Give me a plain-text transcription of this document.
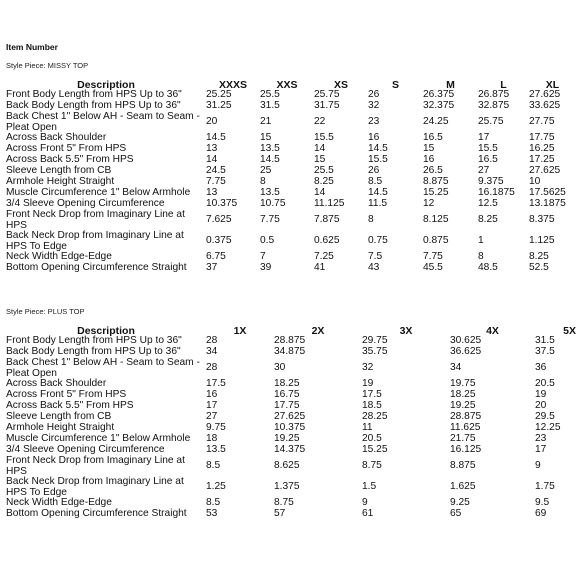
Item Number
Style Piece: MISSY TOP
Description	XXXS	XXS	XS	S	M	L	XL
Front Body Length from HPS Up to 36"	25.25	25.5	25.75	26	26.375	26.875	27.625
Back Body Length from HPS Up to 36"	31.25	31.5	31.75	32	32.375	32.875	33.625
Back Chest 1" Below AH - Seam to Seam - Pleat Open	20	21	22	23	24.25	25.75	27.75
Across Back Shoulder	14.5	15	15.5	16	16.5	17	17.75
Across Front 5" From HPS	13	13.5	14	14.5	15	15.5	16.25
Across Back 5.5" From HPS	14	14.5	15	15.5	16	16.5	17.25
Sleeve Length from CB	24.5	25	25.5	26	26.5	27	27.625
Armhole Height Straight	7.75	8	8.25	8.5	8.875	9.375	10
Muscle Circumference 1" Below Armhole	13	13.5	14	14.5	15.25	16.1875	17.5625
3/4 Sleeve Opening Circumference	10.375	10.75	11.125	11.5	12	12.5	13.1875
Front Neck Drop from Imaginary Line at HPS	7.625	7.75	7.875	8	8.125	8.25	8.375
Back Neck Drop from Imaginary Line at HPS To Edge	0.375	0.5	0.625	0.75	0.875	1	1.125
Neck Width Edge-Edge	6.75	7	7.25	7.5	7.75	8	8.25
Bottom Opening Circumference Straight	37	39	41	43	45.5	48.5	52.5
Style Piece: PLUS TOP
Description	1X	2X	3X	4X	5X
Front Body Length from HPS Up to 36"	28	28.875	29.75	30.625	31.5
Back Body Length from HPS Up to 36"	34	34.875	35.75	36.625	37.5
Back Chest 1" Below AH - Seam to Seam - Pleat Open	28	30	32	34	36
Across Back Shoulder	17.5	18.25	19	19.75	20.5
Across Front 5" From HPS	16	16.75	17.5	18.25	19
Across Back 5.5" From HPS	17	17.75	18.5	19.25	20
Sleeve Length from CB	27	27.625	28.25	28.875	29.5
Armhole Height Straight	9.75	10.375	11	11.625	12.25
Muscle Circumference 1" Below Armhole	18	19.25	20.5	21.75	23
3/4 Sleeve Opening Circumference	13.5	14.375	15.25	16.125	17
Front Neck Drop from Imaginary Line at HPS	8.5	8.625	8.75	8.875	9
Back Neck Drop from Imaginary Line at HPS To Edge	1.25	1.375	1.5	1.625	1.75
Neck Width Edge-Edge	8.5	8.75	9	9.25	9.5
Bottom Opening Circumference Straight	53	57	61	65	69
